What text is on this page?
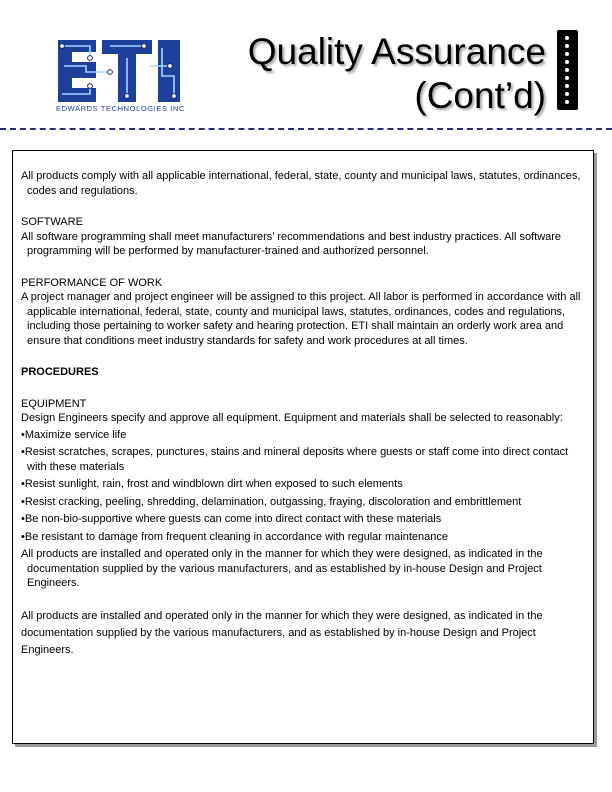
EDWARDS TECHNOLOGIES INC
Quality Assurance
(Cont’d)

All products comply with all applicable international, federal, state, county and municipal laws, statutes, ordinances, codes and regulations.

SOFTWARE

All software programming shall meet manufacturers’ recommendations and best industry practices. All software programming will be performed by manufacturer-trained and authorized personnel.

PERFORMANCE OF WORK

A project manager and project engineer will be assigned to this project. All labor is performed in accordance with all applicable international, federal, state, county and municipal laws, statutes, ordinances, codes and regulations, including those pertaining to worker safety and hearing protection. ETI shall maintain an orderly work area and ensure that conditions meet industry standards for safety and work procedures at all times.

PROCEDURES

EQUIPMENT

Design Engineers specify and approve all equipment. Equipment and materials shall be selected to reasonably:

•Maximize service life

•Resist scratches, scrapes, punctures, stains and mineral deposits where guests or staff come into direct contact with these materials

•Resist sunlight, rain, frost and windblown dirt when exposed to such elements

•Resist cracking, peeling, shredding, delamination, outgassing, fraying, discoloration and embrittlement

•Be non-bio-supportive where guests can come into direct contact with these materials

•Be resistant to damage from frequent cleaning in accordance with regular maintenance

All products are installed and operated only in the manner for which they were designed, as indicated in the documentation supplied by the various manufacturers, and as established by in-house Design and Project Engineers.

All products are installed and operated only in the manner for which they were designed, as indicated in the documentation supplied by the various manufacturers, and as established by in-house Design and Project Engineers.
